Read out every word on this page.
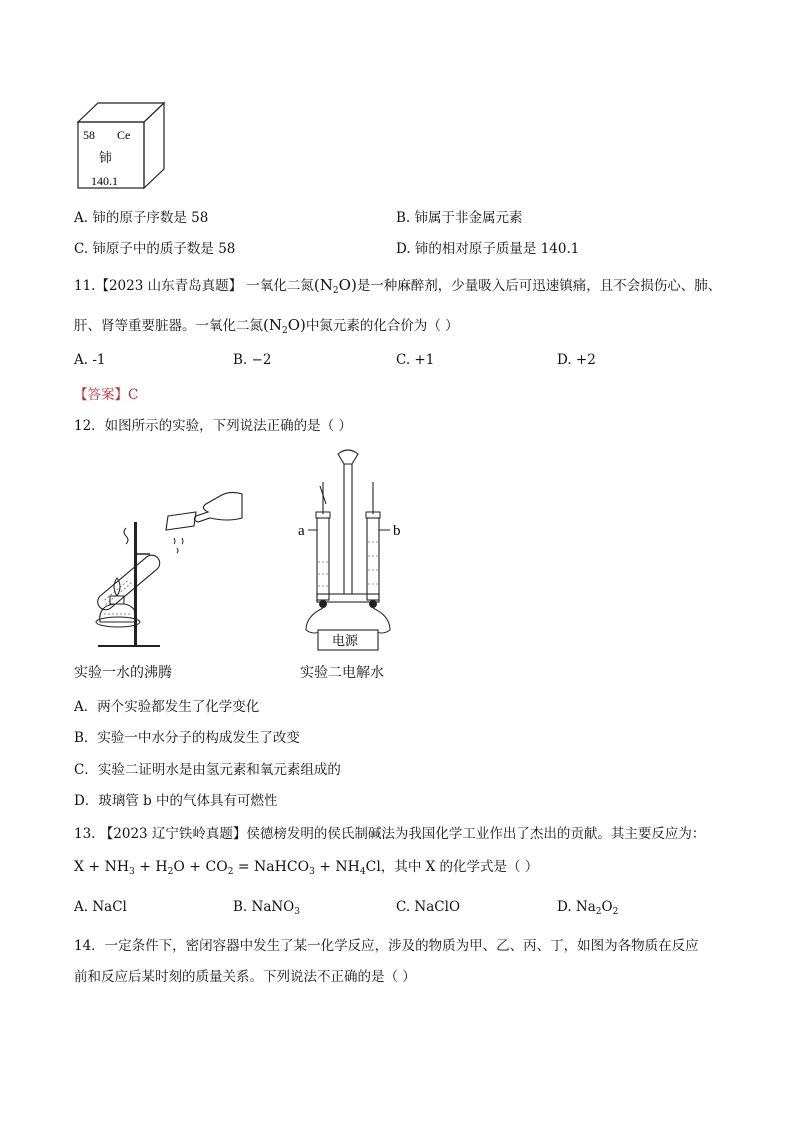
58 Ce
铈
140.1
A. 铈的原子序数是 58	B. 铈属于非金属元素
C. 铈原子中的质子数是 58	D. 铈的相对原子质量是 140.1
11.【2023 山东青岛真题】 一氧化二氮$(N_2O)$是一种麻醉剂，少量吸入后可迅速镇痛，且不会损伤心、肺、
肝、肾等重要脏器。一氧化二氮$(N_2O)$中氮元素的化合价为（ ）
A. -1	B. −2	C. +1	D. +2
【答案】C
12．如图所示的实验，下列说法正确的是（ ）
实验一水的沸腾
a	b
电源
实验二电解水
A．两个实验都发生了化学变化
B．实验一中水分子的构成发生了改变
C．实验二证明水是由氢元素和氧元素组成的
D．玻璃管 b 中的气体具有可燃性
13. 【2023 辽宁铁岭真题】侯德榜发明的侯氏制碱法为我国化学工业作出了杰出的贡献。其主要反应为：
$X + NH_3 + H_2O + CO_2$ = NaHCO$_3$ + $NH_4Cl$，其中 X 的化学式是（ ）
A. NaCl	B. NaNO$_3$	C. NaClO	D. $Na_2O_2$
14．一定条件下，密闭容器中发生了某一化学反应，涉及的物质为甲、乙、丙、丁，如图为各物质在反应
前和反应后某时刻的质量关系。下列说法不正确的是（ ）
